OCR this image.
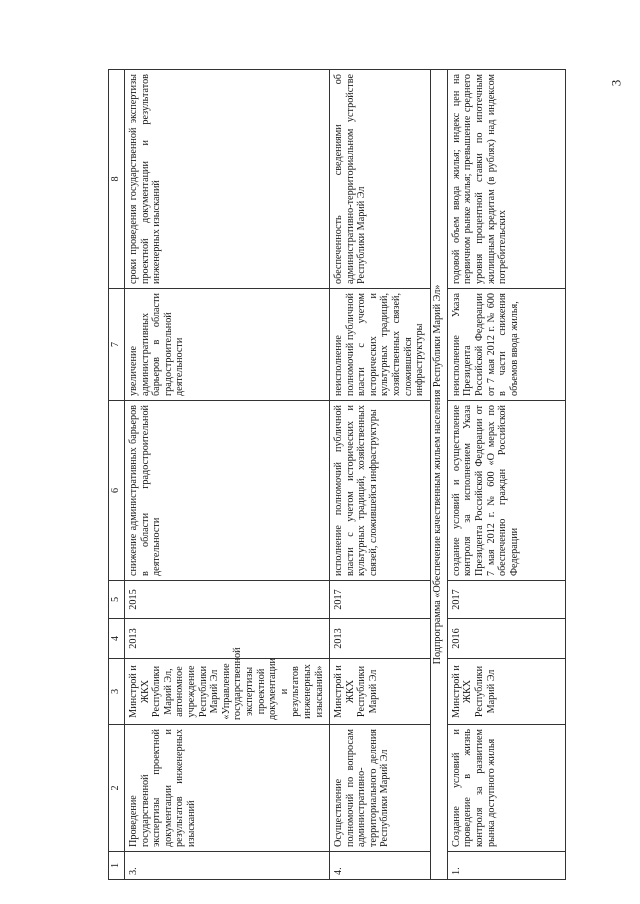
3
1	2	3	4	5	6	7	8
3.	Проведение государственной экспертизы проектной документации и результатов инженерных изысканий	Минстрой и ЖКХ Республики Марий Эл, автономное учреждение Республики Марий Эл «Управление государственной экспертизы проектной документации и результатов инженерных изысканий»	2013	2015	снижение административных барьеров в области градостроительной деятельности	увеличение административных барьеров в области градостроительной деятельности	сроки проведения государственной экспертизы проектной документации и результатов инженерных изысканий
4.	Осуществление полномочий по вопросам административно-территориального деления Республики Марий Эл	Минстрой и ЖКХ Республики Марий Эл	2013	2017	исполнение полномочий публичной власти с учетом исторических и культурных традиций, хозяйственных связей, сложившейся инфраструктуры	неисполнение полномочий публичной власти с учетом исторических и культурных традиций, хозяйственных связей, сложившейся инфраструктуры	обеспеченность сведениями об административно-территориальном устройстве Республики Марий Эл
Подпрограмма «Обеспечение качественным жильем населения Республики Марий Эл»							
1.	Создание условий и проведение в жизнь контроля за развитием рынка доступного жилья	Минстрой и ЖКХ Республики Марий Эл	2016	2017	создание условий и осуществление контроля за исполнением Указа Президента Российской Федерации от 7 мая 2012 г. № 600 «О мерах по обеспечению граждан Российской Федерации	неисполнение Указа Президента Российской Федерации от 7 мая 2012 г. № 600 в части снижения объемов ввода жилья,	годовой объем ввода жилья; индекс цен на первичном рынке жилья; превышение среднего уровня процентной ставки по ипотечным жилищным кредитам (в рублях) над индексом потребительских
